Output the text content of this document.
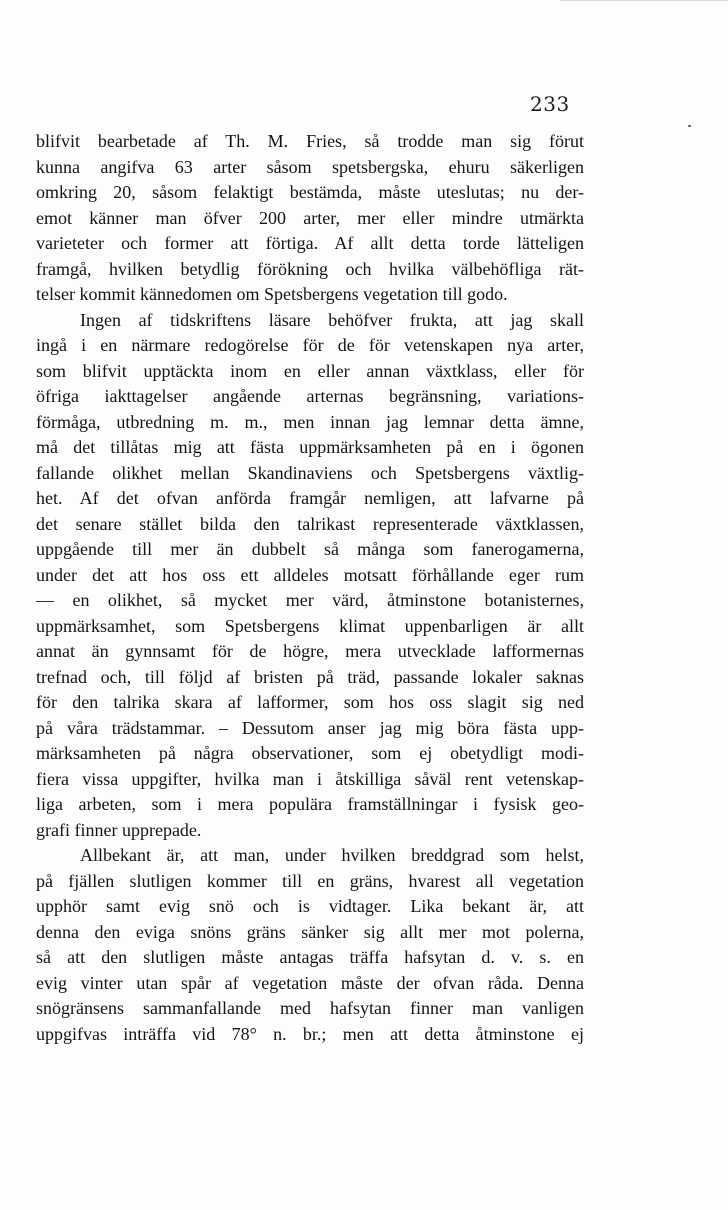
233
blifvit bearbetade af Th. M. Fries, så trodde man sig förut
kunna angifva 63 arter såsom spetsbergska, ehuru säkerligen
omkring 20, såsom felaktigt bestämda, måste uteslutas; nu der-
emot känner man öfver 200 arter, mer eller mindre utmärkta
varieteter och former att förtiga. Af allt detta torde lätteligen
framgå, hvilken betydlig förökning och hvilka välbehöfliga rät-
telser kommit kännedomen om Spetsbergens vegetation till godo.
Ingen af tidskriftens läsare behöfver frukta, att jag skall
ingå i en närmare redogörelse för de för vetenskapen nya arter,
som blifvit upptäckta inom en eller annan växtklass, eller för
öfriga iakttagelser angående arternas begränsning, variations-
förmåga, utbredning m. m., men innan jag lemnar detta ämne,
må det tillåtas mig att fästa uppmärksamheten på en i ögonen
fallande olikhet mellan Skandinaviens och Spetsbergens växtlig-
het. Af det ofvan anförda framgår nemligen, att lafvarne på
det senare stället bilda den talrikast representerade växtklassen,
uppgående till mer än dubbelt så många som fanerogamerna,
under det att hos oss ett alldeles motsatt förhållande eger rum
— en olikhet, så mycket mer värd, åtminstone botanisternes,
uppmärksamhet, som Spetsbergens klimat uppenbarligen är allt
annat än gynnsamt för de högre, mera utvecklade lafformernas
trefnad och, till följd af bristen på träd, passande lokaler saknas
för den talrika skara af lafformer, som hos oss slagit sig ned
på våra trädstammar. – Dessutom anser jag mig böra fästa upp-
märksamheten på några observationer, som ej obetydligt modi-
fiera vissa uppgifter, hvilka man i åtskilliga såväl rent vetenskap-
liga arbeten, som i mera populära framställningar i fysisk geo-
grafi finner upprepade.
Allbekant är, att man, under hvilken breddgrad som helst,
på fjällen slutligen kommer till en gräns, hvarest all vegetation
upphör samt evig snö och is vidtager. Lika bekant är, att
denna den eviga snöns gräns sänker sig allt mer mot polerna,
så att den slutligen måste antagas träffa hafsytan d. v. s. en
evig vinter utan spår af vegetation måste der ofvan råda. Denna
snögränsens sammanfallande med hafsytan finner man vanligen
uppgifvas inträffa vid 78° n. br.; men att detta åtminstone ej
